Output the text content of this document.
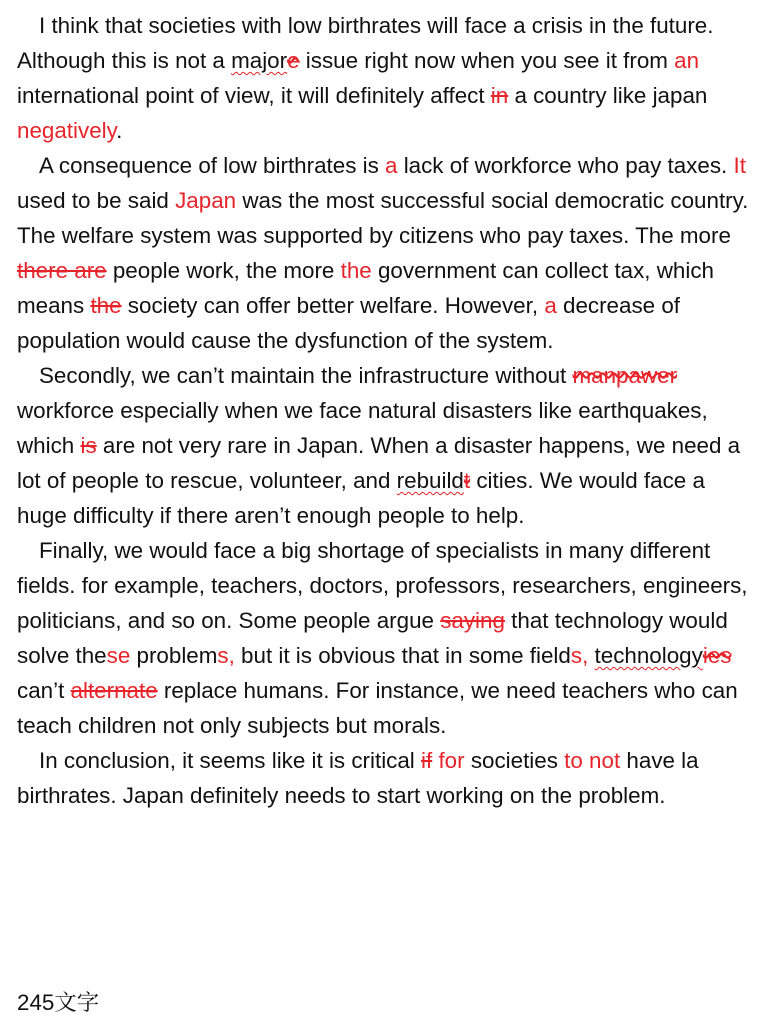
I think that societies with low birthrates will face a crisis in the future. Although this is not a majore issue right now when you see it from an international point of view, it will definitely affect in a country like japan negatively.

A consequence of low birthrates is a lack of workforce who pay taxes. It used to be said Japan was the most successful social democratic country. The welfare system was supported by citizens who pay taxes. The more there are people work, the more the government can collect tax, which means the society can offer better welfare. However, a decrease of population would cause the dysfunction of the system.

Secondly, we can’t maintain the infrastructure without manpawer workforce especially when we face natural disasters like earthquakes, which is are not very rare in Japan. When a disaster happens, we need a lot of people to rescue, volunteer, and rebuildt cities. We would face a huge difficulty if there aren’t enough people to help.

Finally, we would face a big shortage of specialists in many different fields. for example, teachers, doctors, professors, researchers, engineers, politicians, and so on. Some people argue saying that technology would solve these problems, but it is obvious that in some fields, technologyies can’t alternate replace humans. For instance, we need teachers who can teach children not only subjects but morals.

In conclusion, it seems like it is critical if for societies to not have la birthrates. Japan definitely needs to start working on the problem.

245文字
